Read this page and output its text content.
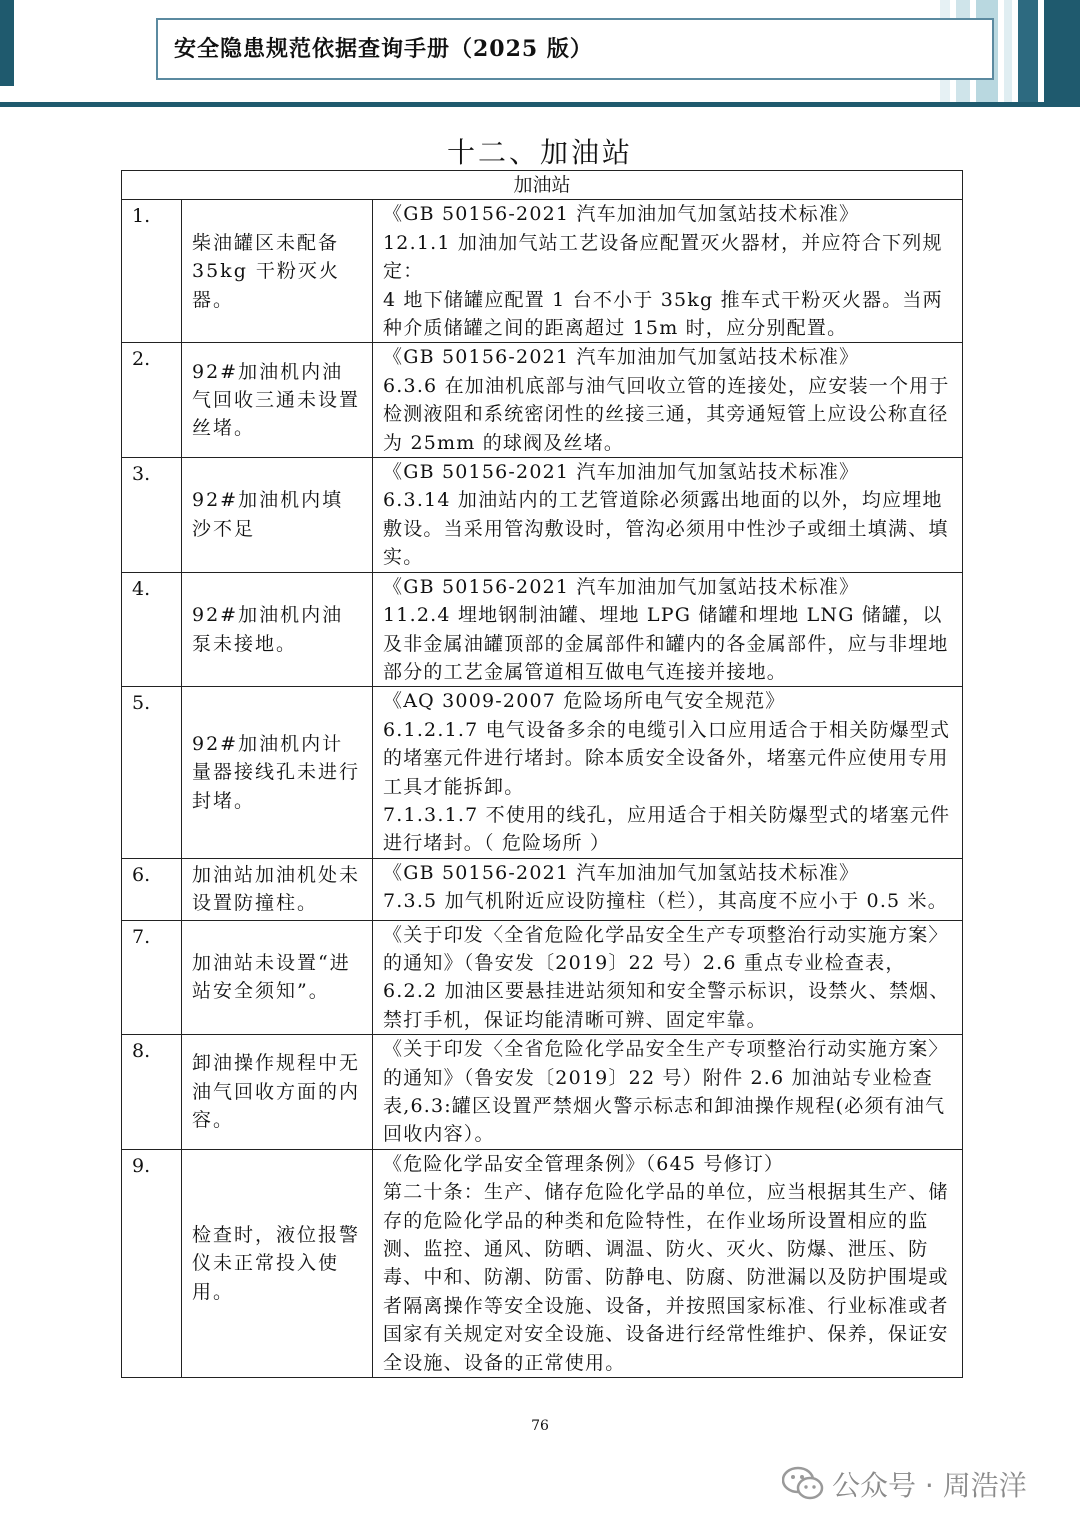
安全隐患规范依据查询手册（2025 版）
十二、加油站
加油站		
1.	柴油罐区未配备35kg 干粉灭火器。	《GB 50156-2021 汽车加油加气加氢站技术标准》
12.1.1 加油加气站工艺设备应配置灭火器材，并应符合下列规定：
4 地下储罐应配置 1 台不小于 35kg 推车式干粉灭火器。当两种介质储罐之间的距离超过 15m 时，应分别配置。

2.	92#加油机内油气回收三通未设置丝堵。	《GB 50156-2021 汽车加油加气加氢站技术标准》
6.3.6 在加油机底部与油气回收立管的连接处，应安装一个用于检测液阻和系统密闭性的丝接三通，其旁通短管上应设公称直径为 25mm 的球阀及丝堵。

3.	92#加油机内填沙不足	《GB 50156-2021 汽车加油加气加氢站技术标准》
6.3.14 加油站内的工艺管道除必须露出地面的以外，均应埋地敷设。当采用管沟敷设时，管沟必须用中性沙子或细土填满、填实。

4.	92#加油机内油泵未接地。	《GB 50156-2021 汽车加油加气加氢站技术标准》
11.2.4 埋地钢制油罐、埋地 LPG 储罐和埋地 LNG 储罐，以及非金属油罐顶部的金属部件和罐内的各金属部件，应与非埋地部分的工艺金属管道相互做电气连接并接地。

5.	92#加油机内计量器接线孔未进行封堵。	《AQ 3009-2007 危险场所电气安全规范》
6.1.2.1.7 电气设备多余的电缆引入口应用适合于相关防爆型式的堵塞元件进行堵封。除本质安全设备外，堵塞元件应使用专用工具才能拆卸。
7.1.3.1.7 不使用的线孔，应用适合于相关防爆型式的堵塞元件进行堵封。（ 危险场所 ）

6.	加油站加油机处未设置防撞柱。	《GB 50156-2021 汽车加油加气加氢站技术标准》
7.3.5 加气机附近应设防撞柱（栏），其高度不应小于 0.5 米。

7.	加油站未设置“进站安全须知”。	《关于印发〈全省危险化学品安全生产专项整治行动实施方案〉的通知》（鲁安发〔2019〕22 号）2.6 重点专业检查表，6.2.2 加油区要悬挂进站须知和安全警示标识，设禁火、禁烟、禁打手机，保证均能清晰可辨、固定牢靠。

8.	卸油操作规程中无油气回收方面的内容。	《关于印发〈全省危险化学品安全生产专项整治行动实施方案〉的通知》（鲁安发〔2019〕22 号）附件 2.6 加油站专业检查表,6.3:罐区设置严禁烟火警示标志和卸油操作规程(必须有油气回收内容）。

9.	检查时，液位报警仪未正常投入使用。	《危险化学品安全管理条例》（645 号修订）
第二十条：生产、储存危险化学品的单位，应当根据其生产、储存的危险化学品的种类和危险特性，在作业场所设置相应的监测、监控、通风、防晒、调温、防火、灭火、防爆、泄压、防毒、中和、防潮、防雷、防静电、防腐、防泄漏以及防护围堤或者隔离操作等安全设施、设备，并按照国家标准、行业标准或者国家有关规定对安全设施、设备进行经常性维护、保养，保证安全设施、设备的正常使用。
76
公众号 · 周浩洋
